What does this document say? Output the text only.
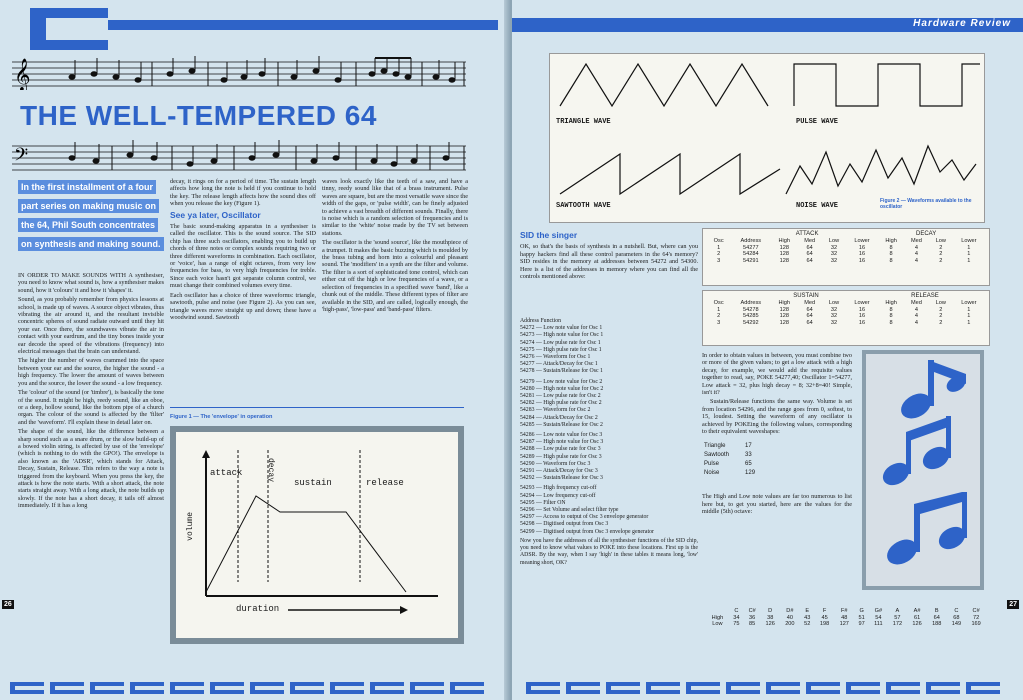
𝄞
THE WELL-TEMPERED 64
𝄢
In the first installment of a four part series on making music on the 64, Phil South concentrates on synthesis and making sound.

IN ORDER TO MAKE SOUNDS WITH A synthesiser, you need to know what sound is, how a synthesiser makes sound, how it 'colours' it and how it 'shapes' it.

Sound, as you probably remember from physics lessons at school, is made up of waves. A source object vibrates, thus vibrating the air around it, and the resultant invisible concentric spheres of sound radiate outward until they hit your ear. Once there, the soundwaves vibrate the air in contact with your eardrum, and the tiny bones inside your ear decode the speed of the vibrations (frequency) into electrical messages that the brain can understand.

The higher the number of waves crammed into the space between your ear and the source, the higher the sound - a high frequency. The lower the amount of waves between you and the source, the lower the sound - a low frequency.

The 'colour' of the sound (or 'timbre'), is basically the tone of the sound. It might be high, reedy sound, like an oboe, or a deep, hollow sound, like the bottom pipe of a church organ. The colour of the sound is affected by the 'filter' and the 'waveform'. I'll explain these in detail later on.

The shape of the sound, like the difference between a sharp sound such as a snare drum, or the slow build-up of a bowed violin string, is affected by use of the 'envelope' (which is nothing to do with the GPO!). The envelope is also known as the 'ADSR', which stands for Attack, Decay, Sustain, Release. This refers to the way a note is triggered from the keyboard. When you press the key, the attack is how the note starts. With a short attack, the note starts straight away. With a long attack, the note builds up slowly. If the note has a short decay, it tails off almost immediately. If it has a long

decay, it rings on for a period of time. The sustain length affects how long the note is held if you continue to hold the key. The release length affects how the sound dies off when you release the key (Figure 1).

See ya later, Oscillator

The basic sound-making apparatus in a synthesiser is called the oscillator. This is the sound source. The SID chip has three such oscillators, enabling you to build up chords of three notes or complex sounds requiring two or three different waveforms in combination. Each oscillator, or 'voice', has a range of eight octaves, from very low frequencies for bass, to very high frequencies for treble. Since each voice hasn't got separate column control, we must change their combined volumes every time.

Each oscillator has a choice of three waveforms: triangle, sawtooth, pulse and noise (see Figure 2). As you can see, triangle waves move straight up and down; these have a woodwind sound. Sawtooth

waves look exactly like the teeth of a saw, and have a tinny, reedy sound like that of a brass instrument. Pulse waves are square, but are the most versatile wave since the width of the gaps, or 'pulse width', can be finely adjusted to achieve a vast breadth of different sounds. Finally, there is noise which is a random selection of frequencies and is similar to the 'white' noise made by the TV set between stations.

The oscillator is the 'sound source', like the mouthpiece of a trumpet. It makes the basic buzzing which is moulded by the brass tubing and horn into a colourful and pleasant sound. The 'modifiers' in a synth are the filter and volume. The filter is a sort of sophisticated tone control, which can either cut off the high or low frequencies of a wave, or a selection of frequencies in a specified wave 'band', like a chunk out of the middle. These different types of filter are available in the SID, and are called, logically enough, the 'high-pass', 'low-pass' and 'band-pass' filters.

Figure 1 — The 'envelope' in operation
attack	decay
sustain	release
volume
duration
26
Hardware Review
TRIANGLE WAVE	PULSE WAVE
SAWTOOTH WAVE	NOISE WAVE
Figure 2 — Waveforms available to the oscillator
SID the singer

OK, so that's the basis of synthesis in a nutshell. But, where can you happy hackers find all these control parameters in the 64's memory? SID resides in the memory at addresses between 54272 and 54300. Here is a list of the addresses in memory where you can find all the controls mentioned above:

Address Function
54272 — Low note value for Osc 1
54273 — High note value for Osc 1
54274 — Low pulse rate for Osc 1
54275 — High pulse rate for Osc 1
54276 — Waveform for Osc 1
54277 — Attack/Decay for Osc 1
54278 — Sustain/Release for Osc 1

54279 — Low note value for Osc 2
54280 — High note value for Osc 2
54281 — Low pulse rate for Osc 2
54282 — High pulse rate for Osc 2
54283 — Waveform for Osc 2
54284 — Attack/Decay for Osc 2
54285 — Sustain/Release for Osc 2

54286 — Low note value for Osc 3
54287 — High note value for Osc 3
54288 — Low pulse rate for Osc 3
54289 — High pulse rate for Osc 3
54290 — Waveform for Osc 3
54291 — Attack/Decay for Osc 3
54292 — Sustain/Release for Osc 3

54293 — High frequency cut-off
54294 — Low frequency cut-off
54295 — Filter ON
54296 — Set Volume and select filter type
54297 — Access to output of Osc 3 envelope generator
54298 — Digitised output from Osc 3
54299 — Digitised output from Osc 3 envelope generator

Now you have the addresses of all the synthesiser functions of the SID chip, you need to know what values to POKE into these locations. First up is the ADSR. By the way, when I say 'high' in these tables it means long, 'low' meaning short, OK?

ATTACK	DECAY
Osc	Address	High	Med	Low	Lower	High	Med	Low	Lower
1	54277	128	64	32	16	8	4	2	1
2	54284	128	64	32	16	8	4	2	1
3	54291	128	64	32	16	8	4	2	1
SUSTAIN	RELEASE
Osc	Address	High	Med	Low	Lower	High	Med	Low	Lower
1	54278	128	64	32	16	8	4	2	1
2	54285	128	64	32	16	8	4	2	1
3	54292	128	64	32	16	8	4	2	1

In order to obtain values in between, you must combine two or more of the given values; to get a low attack with a high decay, for example, we would add the requisite values together to read, say, POKE 54277,40; Oscillator 1=54277, Low attack = 32, plus high decay = 8; 32+8=40! Simple, isn't it?

Sustain/Release functions the same way. Volume is set from location 54296, and the range goes from 0, softest, to 15, loudest. Setting the waveform of any oscillator is achieved by POKEing the following values, corresponding to their equivalent waveshapes:

Triangle	17
Sawtooth	33
Pulse	65
Noise	129

The High and Low note values are far too numerous to list here but, to get you started, here are the values for the middle (5th) octave:

	C	C#	D	D#	E	F	F#	G	G#	A	A#	B	C	C#
High	34	36	38	40	43	45	48	51	54	57	61	64	68	72
Low	75	85	126	200	52	198	127	97	111	172	126	188	149	169
27
